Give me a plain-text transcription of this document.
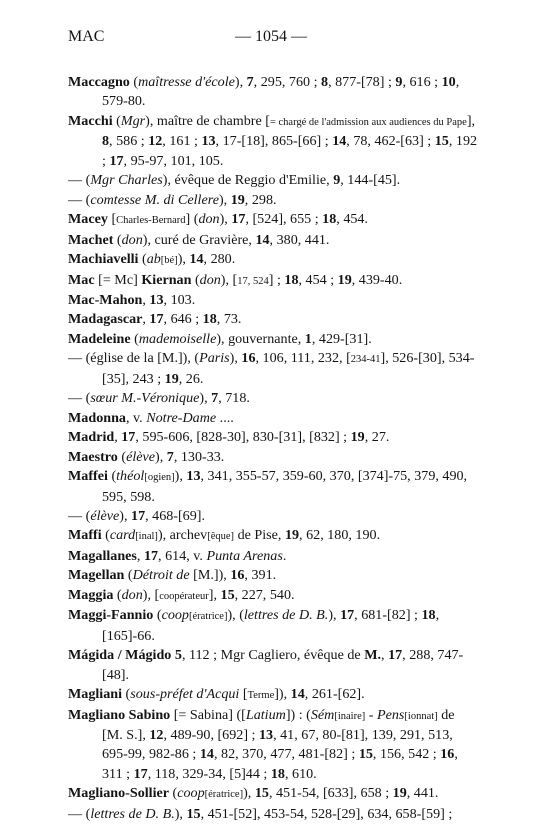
MAC	— 1054 —

Maccagno (maîtresse d'école), 7, 295, 760 ; 8, 877-[78] ; 9, 616 ; 10, 579-80.

Macchi (Mgr), maître de chambre [= chargé de l'admission aux audiences du Pape], 8, 586 ; 12, 161 ; 13, 17-[18], 865-[66] ; 14, 78, 462-[63] ; 15, 192 ; 17, 95-97, 101, 105.

— (Mgr Charles), évêque de Reggio d'Emilie, 9, 144-[45].

— (comtesse M. di Cellere), 19, 298.

Macey [Charles-Bernard] (don), 17, [524], 655 ; 18, 454.

Machet (don), curé de Gravière, 14, 380, 441.

Machiavelli (ab[bé]), 14, 280.

Mac [= Mc] Kiernan (don), [17, 524] ; 18, 454 ; 19, 439-40.

Mac-Mahon, 13, 103.

Madagascar, 17, 646 ; 18, 73.

Madeleine (mademoiselle), gouvernante, 1, 429-[31].

— (église de la [M.]), (Paris), 16, 106, 111, 232, [234-41], 526-[30], 534-[35], 243 ; 19, 26.

— (sœur M.-Véronique), 7, 718.

Madonna, v. Notre-Dame ....

Madrid, 17, 595-606, [828-30], 830-[31], [832] ; 19, 27.

Maestro (élève), 7, 130-33.

Maffei (théol[ogien]), 13, 341, 355-57, 359-60, 370, [374]-75, 379, 490, 595, 598.

— (élève), 17, 468-[69].

Maffi (card[inal]), archev[êque] de Pise, 19, 62, 180, 190.

Magallanes, 17, 614, v. Punta Arenas.

Magellan (Détroit de [M.]), 16, 391.

Maggia (don), [coopérateur], 15, 227, 540.

Maggi-Fannio (coop[ératrice]), (lettres de D. B.), 17, 681-[82] ; 18, [165]-66.

Mágida / Mágido 5, 112 ; Mgr Cagliero, évêque de M., 17, 288, 747-[48].

Magliani (sous-préfet d'Acqui [Terme]), 14, 261-[62].

Magliano Sabino [= Sabina] ([Latium]) : (Sém[inaire] - Pens[ionnat] de [M. S.], 12, 489-90, [692] ; 13, 41, 67, 80-[81], 139, 291, 513, 695-99, 982-86 ; 14, 82, 370, 477, 481-[82] ; 15, 156, 542 ; 16, 311 ; 17, 118, 329-34, [5]44 ; 18, 610.

Magliano-Sollier (coop[ératrice]), 15, 451-54, [633], 658 ; 19, 441.

— (lettres de D. B.), 15, 451-[52], 453-54, 528-[29], 634, 658-[59] ;
